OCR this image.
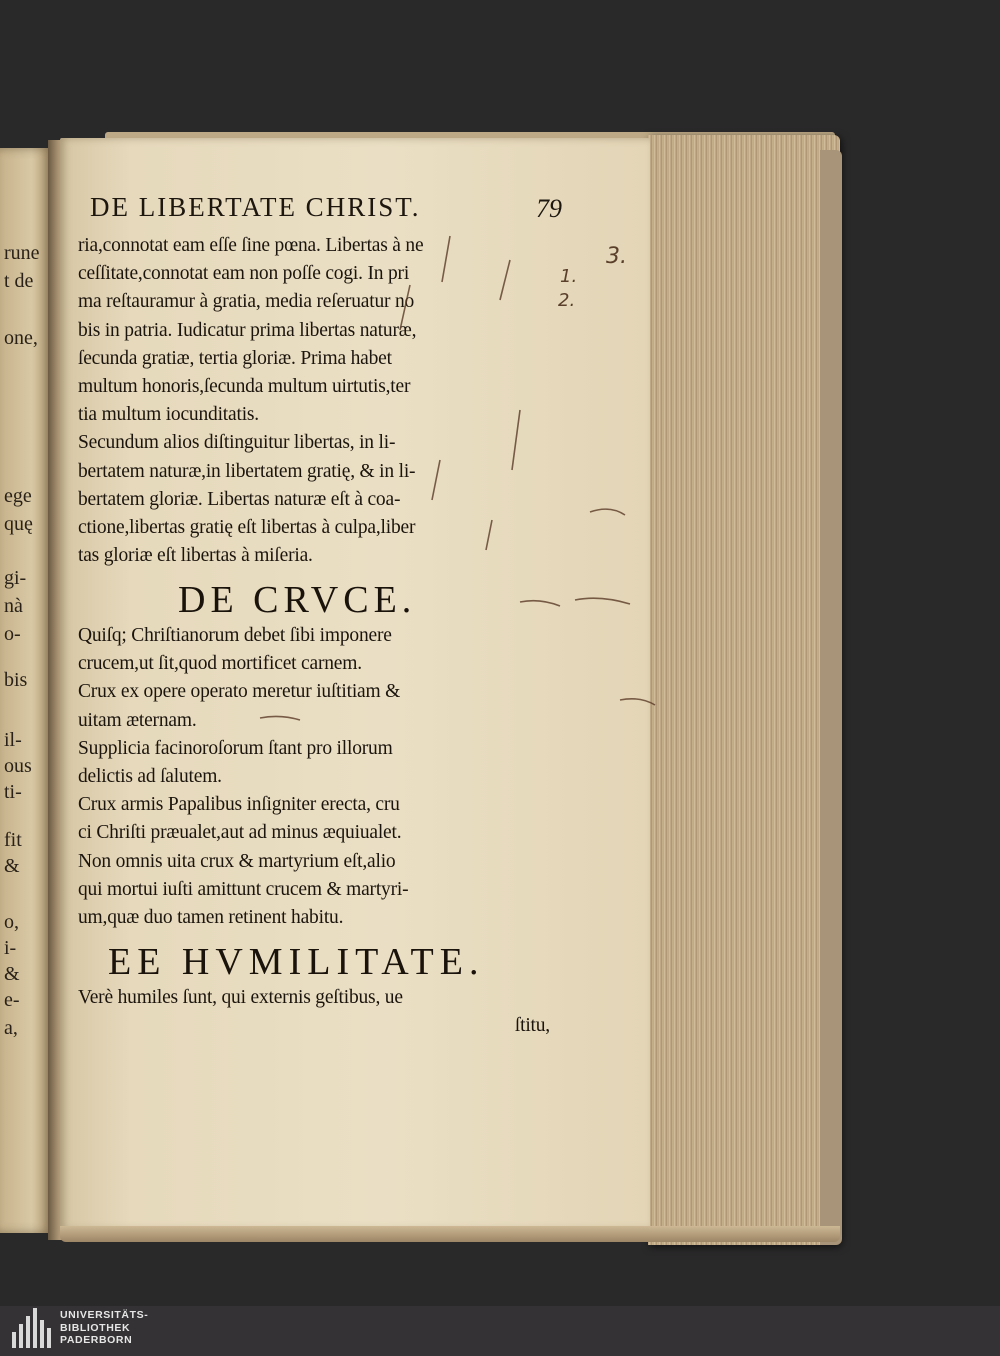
rune
t de
one,
ege
quę
gi-
nà
o-
bis
il-
ous
ti-
fit
&
o,
i-
&
e-
a,
DE LIBERTATE CHRIST.	79
ria,connotat eam eſſe ſine pœna. Libertas à ne
ceſſitate,connotat eam non poſſe cogi. In pri
ma reſtauramur à gratia, media reſeruatur no
bis in patria. Iudicatur prima libertas naturæ,
ſecunda gratiæ, tertia gloriæ. Prima habet
multum honoris,ſecunda multum uirtutis,ter
tia multum iocunditatis.
Secundum alios diſtinguitur libertas, in li-
bertatem naturæ,in libertatem gratię, & in li-
bertatem gloriæ. Libertas naturæ eſt à coa-
ctione,libertas gratię eſt libertas à culpa,liber
tas gloriæ eſt libertas à miſeria.
DE CRVCE.
Quiſq; Chriſtianorum debet ſibi imponere
crucem,ut ſit,quod mortificet carnem.
Crux ex opere operato meretur iuſtitiam &
uitam æternam.
Supplicia facinoroſorum ſtant pro illorum
delictis ad ſalutem.
Crux armis Papalibus inſigniter erecta, cru
ci Chriſti præualet,aut ad minus æquiualet.
Non omnis uita crux & martyrium eſt,alio
qui mortui iuſti amittunt crucem & martyri-
um,quæ duo tamen retinent habitu.
EE HVMILITATE.
Verè humiles ſunt, qui externis geſtibus, ue
ſtitu,
3.
1.
2.
UNIVERSITÄTS-
BIBLIOTHEK
PADERBORN
